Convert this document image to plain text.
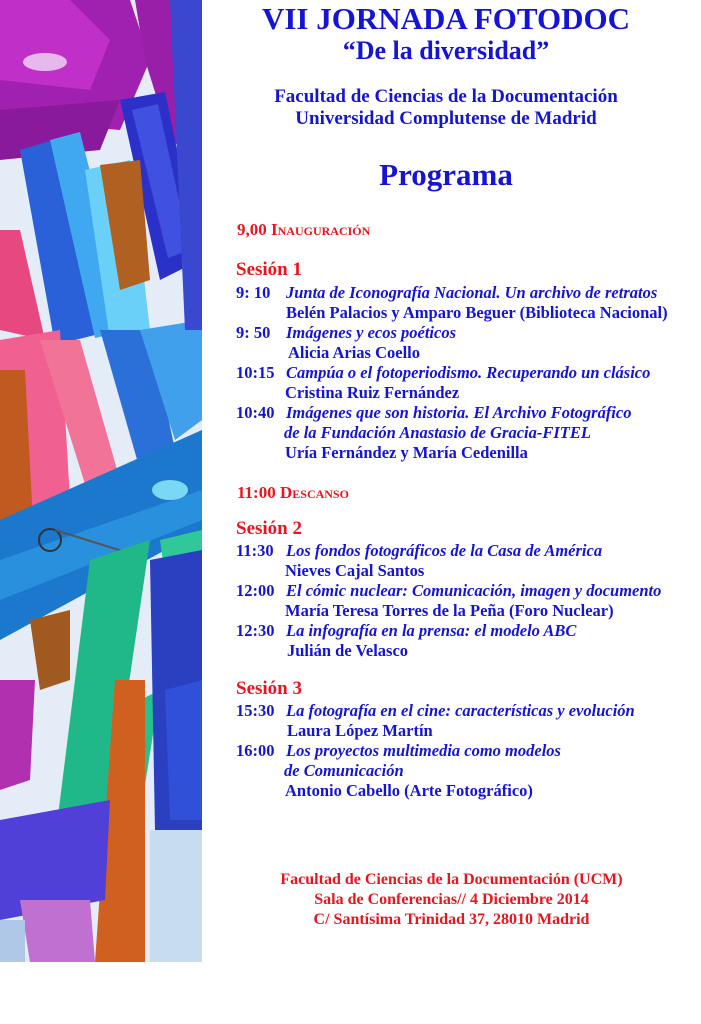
VII JORNADA FOTODOC
“De la diversidad”
Facultad de Ciencias de la Documentación
Universidad Complutense de Madrid
Programa
9,00 Inauguración
Sesión 1
9: 10 Junta de Iconografía Nacional. Un archivo de retratos
Belén Palacios y Amparo Beguer (Biblioteca Nacional)
9: 50 Imágenes y ecos poéticos
Alicia Arias Coello
10:15 Campúa o el fotoperiodismo. Recuperando un clásico
Cristina Ruiz Fernández
10:40 Imágenes que son historia. El Archivo Fotográfico
de la Fundación Anastasio de Gracia-FITEL
Uría Fernández y María Cedenilla
11:00 Descanso
Sesión 2
11:30 Los fondos fotográficos de la Casa de América
Nieves Cajal Santos
12:00 El cómic nuclear: Comunicación, imagen y documento
María Teresa Torres de la Peña (Foro Nuclear)
12:30 La infografía en la prensa: el modelo ABC
Julián de Velasco
Sesión 3
15:30 La fotografía en el cine: características y evolución
Laura López Martín
16:00 Los proyectos multimedia como modelos
de Comunicación
Antonio Cabello (Arte Fotográfico)
Facultad de Ciencias de la Documentación (UCM)
Sala de Conferencias// 4 Diciembre 2014
C/ Santísima Trinidad 37, 28010 Madrid
